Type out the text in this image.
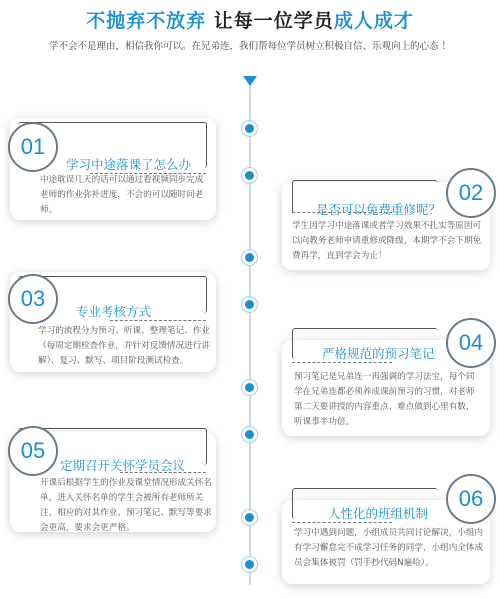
不抛弃不放弃 让每一位学员成人成才
学不会不是理由，相信我你可以。在兄弟连，我们帮每位学员树立积极自信、乐观向上的心态 ！
学习中途落课了怎么办
中途耽误几天的话可以通过看视频同步完成老师的作业弥补进度，不会的可以随时问老师。
01
是否可以免费重修呢？
学生因学习中途落课或者学习效果不扎实等原因可以向教务老师申请重修或降级，本期学不会下期免费再学，直到学会为止！
02
专业考核方式
学习的流程分为预习、听课、整理笔记、作业（每周定期检查作业，并针对反馈情况进行讲解）、复习、默写、项目阶段测试检查。
03
严格规范的预习笔记
预习笔记是兄弟连一再强调的学习法宝，每个同学在兄弟连都必须养成课前预习的习惯，对老师第二天要讲授的内容重点、难点做到心里有数，听课事半功倍。
04
定期召开关怀学员会议
开课后根据学生的作业及课堂情况形成关怀名单，进入关怀名单的学生会被所有老师所关注，相应的对其作业、预习笔记、默写等要求会更高，要求会更严格。
05
人性化的班组机制
学习中遇到问题，小组成员共同讨论解决，小组内有学习懈怠完不成学习任务的同学，小组内全体成员会集体被罚（罚手抄代码N遍哈）。
06
